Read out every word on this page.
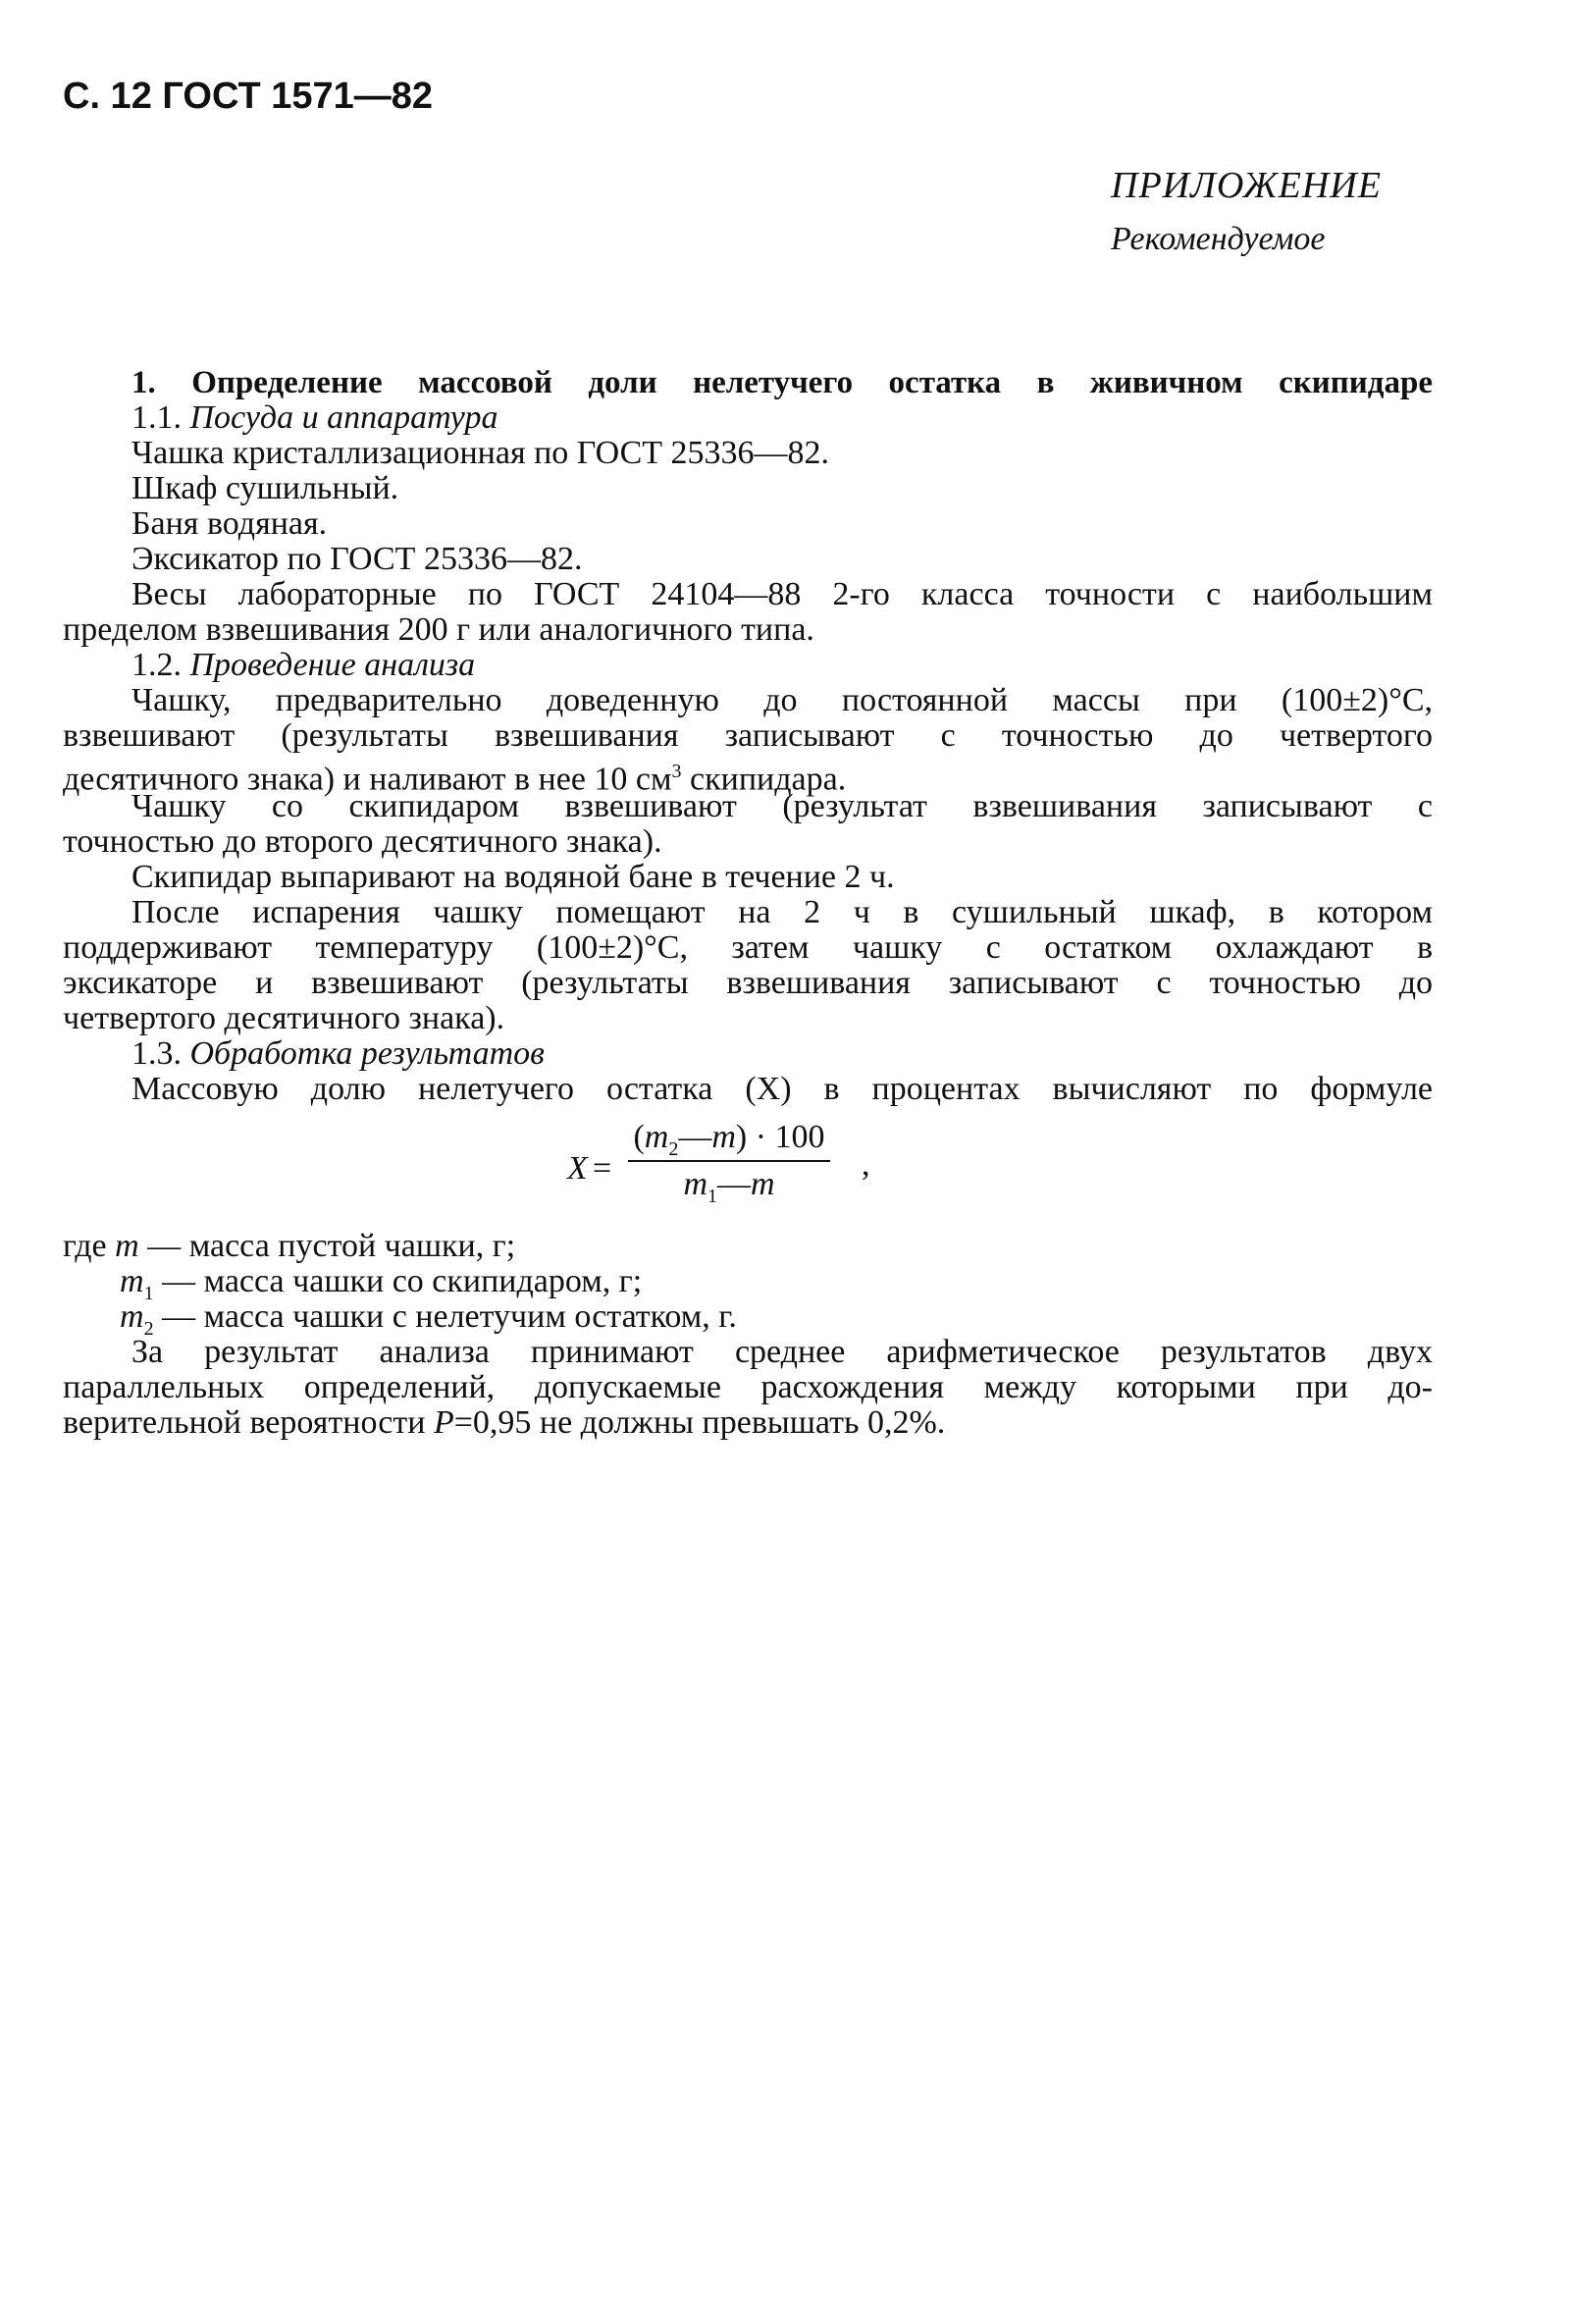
С. 12 ГОСТ 1571—82
ПРИЛОЖЕНИЕ
Рекомендуемое
1. Определение массовой доли нелетучего остатка в живичном скипидаре
1.1. Посуда и аппаратура
Чашка кристаллизационная по ГОСТ 25336—82.
Шкаф сушильный.
Баня водяная.
Эксикатор по ГОСТ 25336—82.
Весы лабораторные по ГОСТ 24104—88 2-го класса точности с наибольшим
пределом взвешивания 200 г или аналогичного типа.
1.2. Проведение анализа
Чашку, предварительно доведенную до постоянной массы при (100±2)°С,
взвешивают (результаты взвешивания записывают с точностью до четвертого
десятичного знака) и наливают в нее 10 $см^3$ скипидара.
Чашку со скипидаром взвешивают (результат взвешивания записывают с
точностью до второго десятичного знака).
Скипидар выпаривают на водяной бане в течение 2 ч.
После испарения чашку помещают на 2 ч в сушильный шкаф, в котором
поддерживают температуру (100±2)°С, затем чашку с остатком охлаждают в
эксикаторе и взвешивают (результаты взвешивания записывают с точностью до
четвертого десятичного знака).
1.3. Обработка результатов
Массовую долю нелетучего остатка (X) в процентах вычисляют по формуле
X =
$(m_2—m) \cdot 100$
$m_1—m$
,
где m — масса пустой чашки, г;
$m_1$ — масса чашки со скипидаром, г;
$m_2$ — масса чашки с нелетучим остатком, г.
За результат анализа принимают среднее арифметическое результатов двух
параллельных определений, допускаемые расхождения между которыми при до-
верительной вероятности P=0,95 не должны превышать 0,2%.
